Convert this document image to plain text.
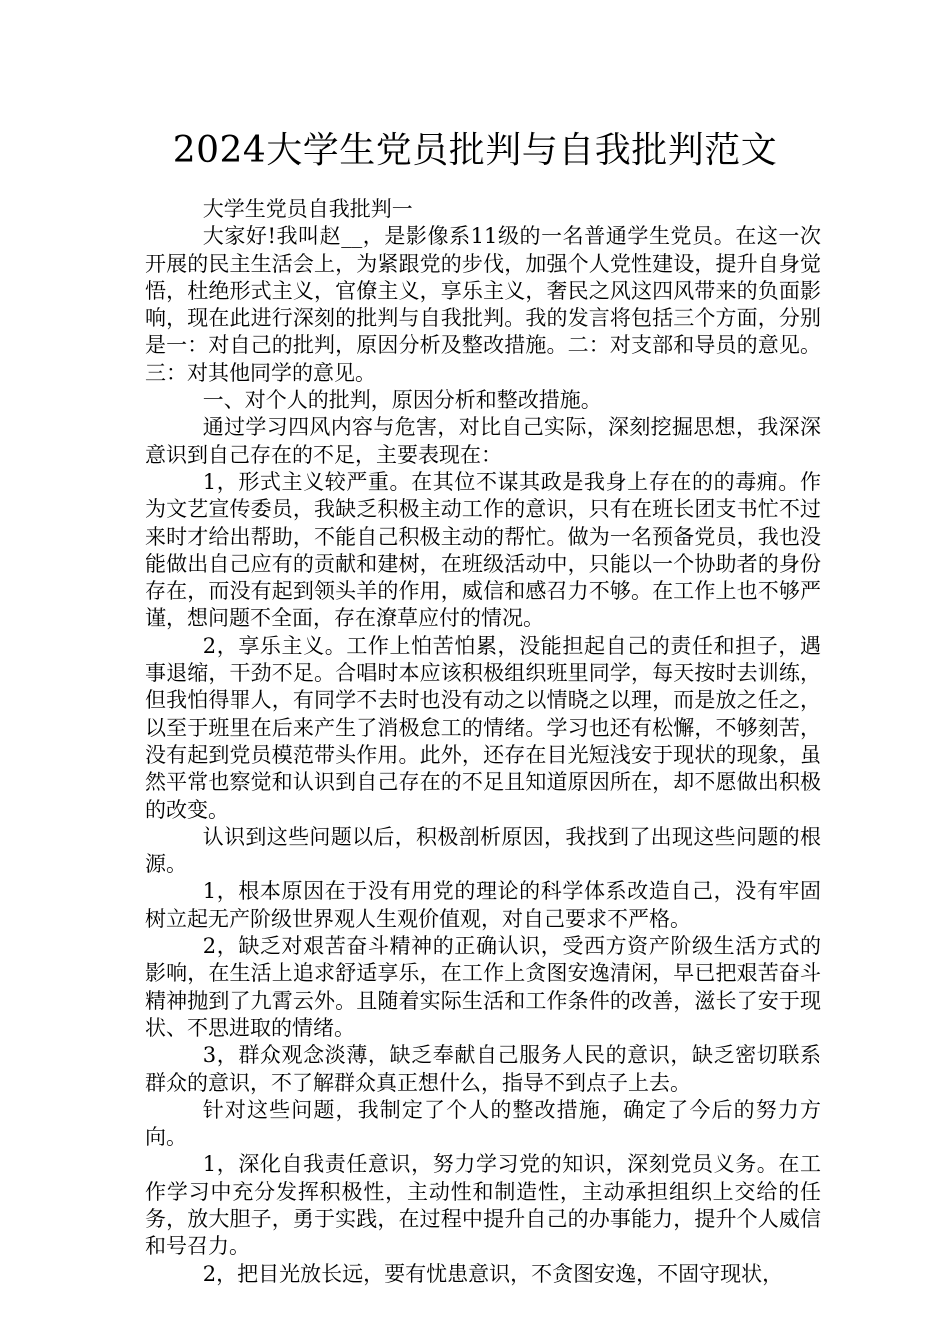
2024大学生党员批判与自我批判范文

大学生党员自我批判一

大家好!我叫赵__，是影像系11级的一名普通学生党员。在这一次开展的民主生活会上，为紧跟党的步伐，加强个人党性建设，提升自身觉悟，杜绝形式主义，官僚主义，享乐主义，奢民之风这四风带来的负面影响，现在此进行深刻的批判与自我批判。我的发言将包括三个方面，分别是一：对自己的批判，原因分析及整改措施。二：对支部和导员的意见。三：对其他同学的意见。

一、对个人的批判，原因分析和整改措施。

通过学习四风内容与危害，对比自己实际，深刻挖掘思想，我深深意识到自己存在的不足，主要表现在：

1，形式主义较严重。在其位不谋其政是我身上存在的的毒痈。作为文艺宣传委员，我缺乏积极主动工作的意识，只有在班长团支书忙不过来时才给出帮助，不能自己积极主动的帮忙。做为一名预备党员，我也没能做出自己应有的贡献和建树，在班级活动中，只能以一个协助者的身份存在，而没有起到领头羊的作用，威信和感召力不够。在工作上也不够严谨，想问题不全面，存在潦草应付的情况。

2，享乐主义。工作上怕苦怕累，没能担起自己的责任和担子，遇事退缩，干劲不足。合唱时本应该积极组织班里同学，每天按时去训练，但我怕得罪人，有同学不去时也没有动之以情晓之以理，而是放之任之，以至于班里在后来产生了消极怠工的情绪。学习也还有松懈，不够刻苦，没有起到党员模范带头作用。此外，还存在目光短浅安于现状的现象，虽然平常也察觉和认识到自己存在的不足且知道原因所在，却不愿做出积极的改变。

认识到这些问题以后，积极剖析原因，我找到了出现这些问题的根源。

1，根本原因在于没有用党的理论的科学体系改造自己，没有牢固树立起无产阶级世界观人生观价值观，对自己要求不严格。

2，缺乏对艰苦奋斗精神的正确认识，受西方资产阶级生活方式的影响，在生活上追求舒适享乐，在工作上贪图安逸清闲，早已把艰苦奋斗精神抛到了九霄云外。且随着实际生活和工作条件的改善，滋长了安于现状、不思进取的情绪。

3，群众观念淡薄，缺乏奉献自己服务人民的意识，缺乏密切联系群众的意识，不了解群众真正想什么，指导不到点子上去。

针对这些问题，我制定了个人的整改措施，确定了今后的努力方向。

1，深化自我责任意识，努力学习党的知识，深刻党员义务。在工作学习中充分发挥积极性，主动性和制造性，主动承担组织上交给的任务，放大胆子，勇于实践，在过程中提升自己的办事能力，提升个人威信和号召力。

2，把目光放长远，要有忧患意识，不贪图安逸，不固守现状，
